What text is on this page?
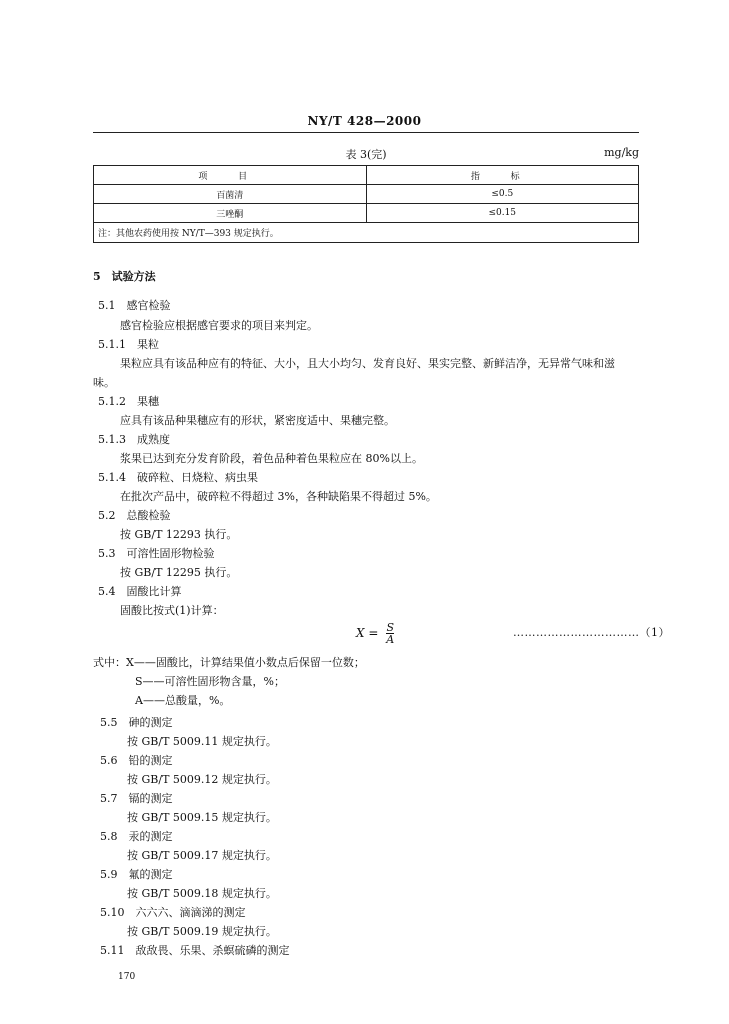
NY/T 428—2000
表 3(完)	mg/kg
项 目	指 标
百菌清	≤0.5
三唑酮	≤0.15
注：其他农药使用按 NY/T—393 规定执行。	
5　试验方法
5.1　感官检验
感官检验应根据感官要求的项目来判定。
5.1.1　果粒
果粒应具有该品种应有的特征、大小，且大小均匀、发育良好、果实完整、新鲜洁净，无异常气味和滋
味。
5.1.2　果穗
应具有该品种果穗应有的形状，紧密度适中、果穗完整。
5.1.3　成熟度
浆果已达到充分发育阶段，着色品种着色果粒应在 80%以上。
5.1.4　破碎粒、日烧粒、病虫果
在批次产品中，破碎粒不得超过 3%，各种缺陷果不得超过 5%。
5.2　总酸检验
按 GB/T 12293 执行。
5.3　可溶性固形物检验
按 GB/T 12295 执行。
5.4　固酸比计算
固酸比按式(1)计算：
$X = \frac{S}{A}$	……………………………（1）
式中：X——固酸比，计算结果值小数点后保留一位数；
S——可溶性固形物含量，%；
A——总酸量，%。
5.5　砷的测定
按 GB/T 5009.11 规定执行。
5.6　铅的测定
按 GB/T 5009.12 规定执行。
5.7　镉的测定
按 GB/T 5009.15 规定执行。
5.8　汞的测定
按 GB/T 5009.17 规定执行。
5.9　氟的测定
按 GB/T 5009.18 规定执行。
5.10　六六六、滴滴涕的测定
按 GB/T 5009.19 规定执行。
5.11　敌敌畏、乐果、杀螟硫磷的测定
170
